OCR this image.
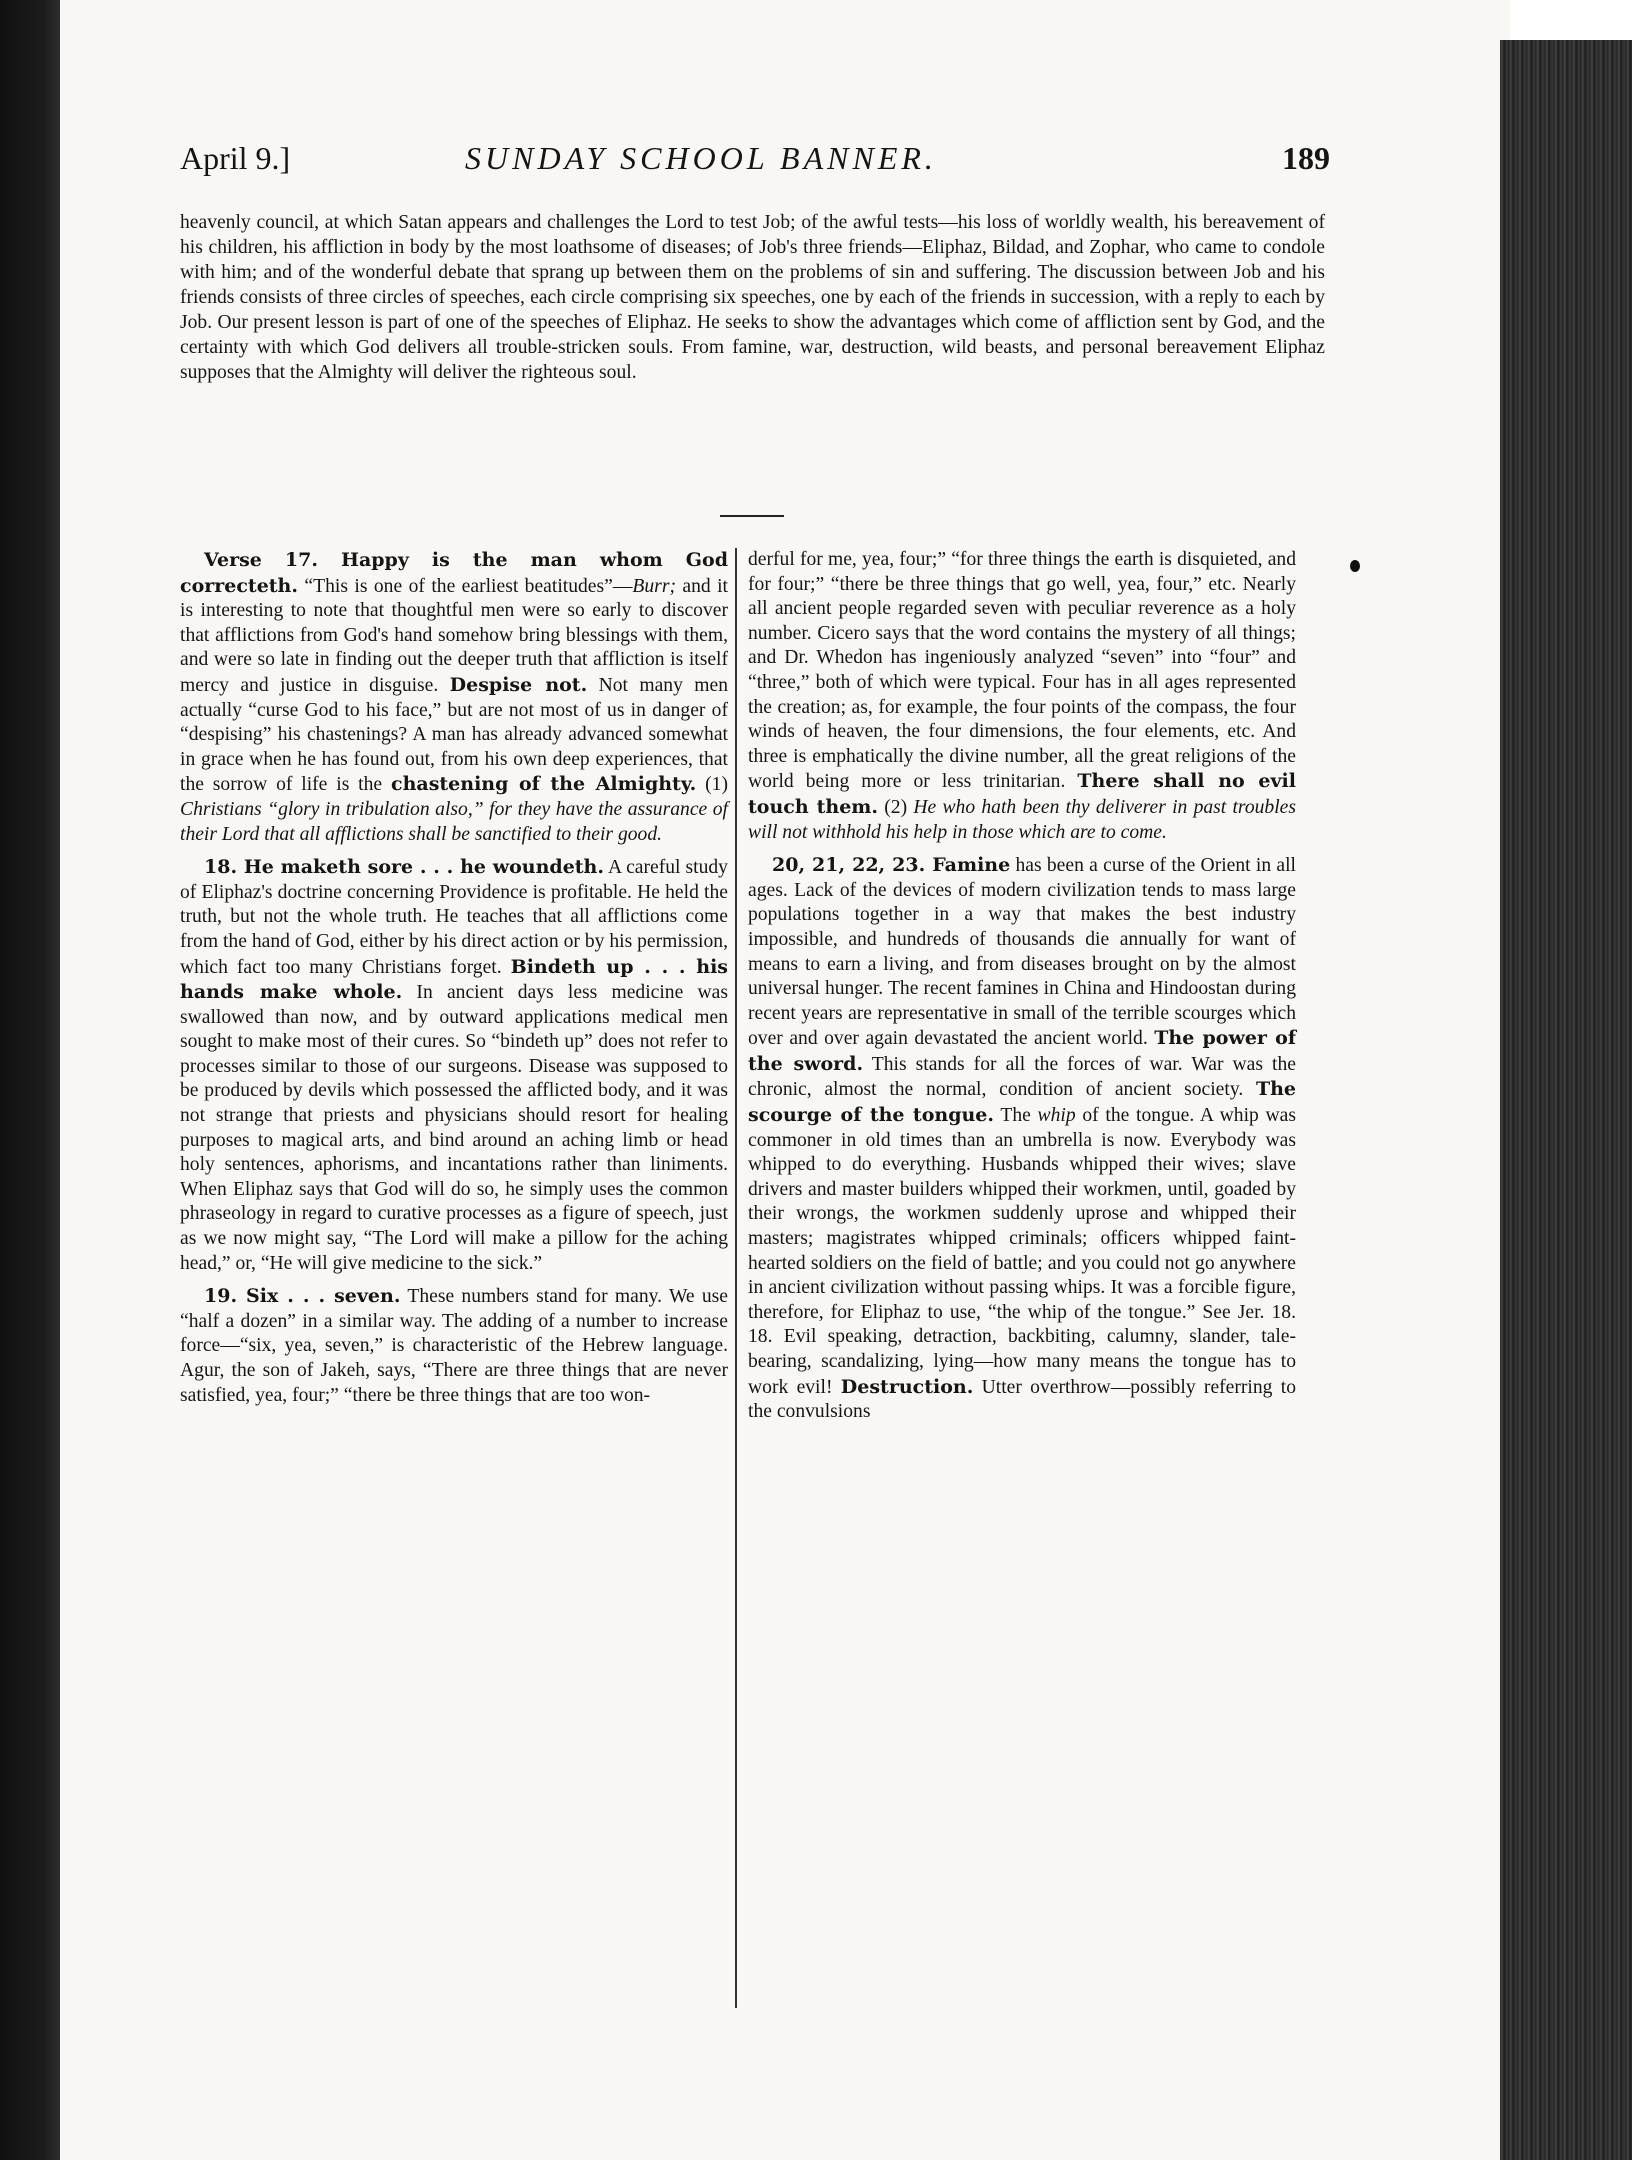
April 9.]	SUNDAY SCHOOL BANNER.	189
heavenly council, at which Satan appears and challenges the Lord to test Job; of the awful tests—his loss of worldly wealth, his bereavement of his children, his affliction in body by the most loathsome of diseases; of Job's three friends—Eliphaz, Bildad, and Zophar, who came to condole with him; and of the wonderful debate that sprang up between them on the problems of sin and suffering. The discussion between Job and his friends consists of three circles of speeches, each circle comprising six speeches, one by each of the friends in succession, with a reply to each by Job. Our present lesson is part of one of the speeches of Eliphaz. He seeks to show the advantages which come of affliction sent by God, and the certainty with which God delivers all trouble-stricken souls. From famine, war, destruction, wild beasts, and personal bereavement Eliphaz supposes that the Almighty will deliver the righteous soul.

Verse 17. Happy is the man whom God correcteth. “This is one of the earliest beatitudes”—Burr; and it is interesting to note that thoughtful men were so early to discover that afflictions from God's hand somehow bring blessings with them, and were so late in finding out the deeper truth that affliction is itself mercy and justice in disguise. Despise not. Not many men actually “curse God to his face,” but are not most of us in danger of “despising” his chastenings? A man has already advanced somewhat in grace when he has found out, from his own deep experiences, that the sorrow of life is the chastening of the Almighty. (1) Christians “glory in tribulation also,” for they have the assurance of their Lord that all afflictions shall be sanctified to their good.

18. He maketh sore . . . he woundeth. A careful study of Eliphaz's doctrine concerning Providence is profitable. He held the truth, but not the whole truth. He teaches that all afflictions come from the hand of God, either by his direct action or by his permission, which fact too many Christians forget. Bindeth up . . . his hands make whole. In ancient days less medicine was swallowed than now, and by outward applications medical men sought to make most of their cures. So “bindeth up” does not refer to processes similar to those of our surgeons. Disease was supposed to be produced by devils which possessed the afflicted body, and it was not strange that priests and physicians should resort for healing purposes to magical arts, and bind around an aching limb or head holy sentences, aphorisms, and incantations rather than liniments. When Eliphaz says that God will do so, he simply uses the common phraseology in regard to curative processes as a figure of speech, just as we now might say, “The Lord will make a pillow for the aching head,” or, “He will give medicine to the sick.”

19. Six . . . seven. These numbers stand for many. We use “half a dozen” in a similar way. The adding of a number to increase force—“six, yea, seven,” is characteristic of the Hebrew language. Agur, the son of Jakeh, says, “There are three things that are never satisfied, yea, four;” “there be three things that are too won-

derful for me, yea, four;” “for three things the earth is disquieted, and for four;” “there be three things that go well, yea, four,” etc. Nearly all ancient people regarded seven with peculiar reverence as a holy number. Cicero says that the word contains the mystery of all things; and Dr. Whedon has ingeniously analyzed “seven” into “four” and “three,” both of which were typical. Four has in all ages represented the creation; as, for example, the four points of the compass, the four winds of heaven, the four dimensions, the four elements, etc. And three is emphatically the divine number, all the great religions of the world being more or less trinitarian. There shall no evil touch them. (2) He who hath been thy deliverer in past troubles will not withhold his help in those which are to come.

20, 21, 22, 23. Famine has been a curse of the Orient in all ages. Lack of the devices of modern civilization tends to mass large populations together in a way that makes the best industry impossible, and hundreds of thousands die annually for want of means to earn a living, and from diseases brought on by the almost universal hunger. The recent famines in China and Hindoostan during recent years are representative in small of the terrible scourges which over and over again devastated the ancient world. The power of the sword. This stands for all the forces of war. War was the chronic, almost the normal, condition of ancient society. The scourge of the tongue. The whip of the tongue. A whip was commoner in old times than an umbrella is now. Everybody was whipped to do everything. Husbands whipped their wives; slave drivers and master builders whipped their workmen, until, goaded by their wrongs, the workmen suddenly uprose and whipped their masters; magistrates whipped criminals; officers whipped faint-hearted soldiers on the field of battle; and you could not go anywhere in ancient civilization without passing whips. It was a forcible figure, therefore, for Eliphaz to use, “the whip of the tongue.” See Jer. 18. 18. Evil speaking, detraction, backbiting, calumny, slander, tale-bearing, scandalizing, lying—how many means the tongue has to work evil! Destruction. Utter overthrow—possibly referring to the convulsions
